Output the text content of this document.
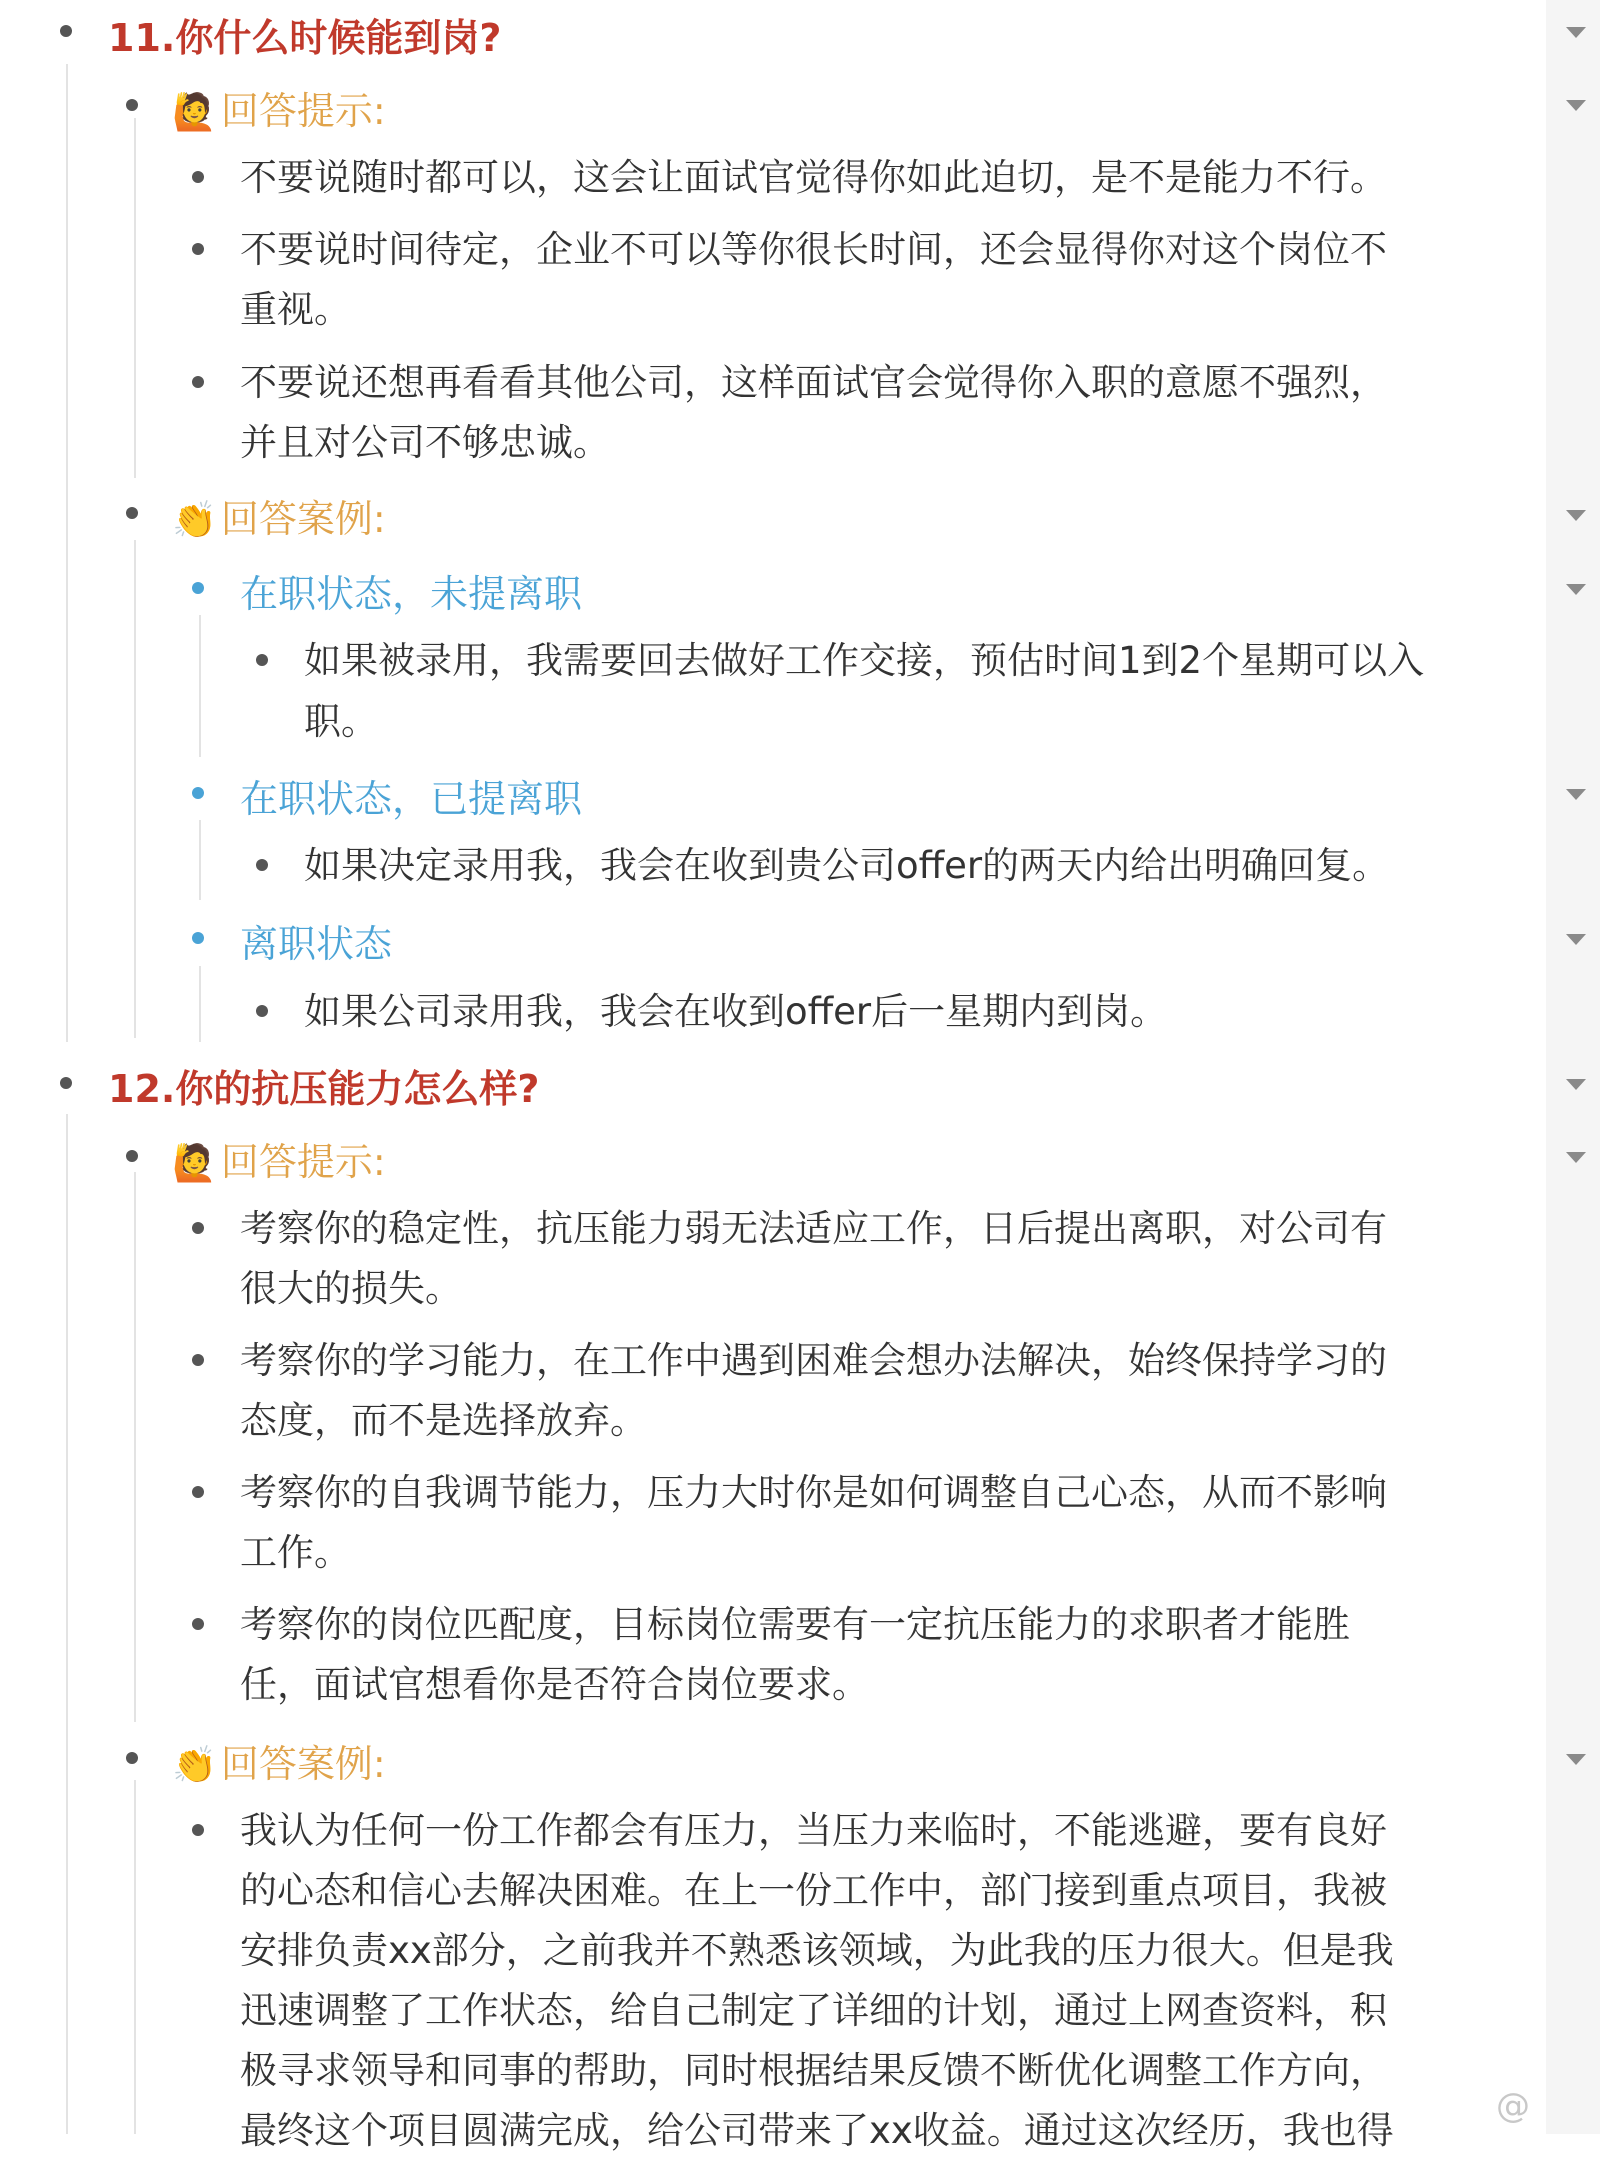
11.你什么时候能到岗?
🙋 回答提示:
不要说随时都可以，这会让面试官觉得你如此迫切，是不是能力不行。
不要说时间待定，企业不可以等你很长时间，还会显得你对这个岗位不
重视。
不要说还想再看看其他公司，这样面试官会觉得你入职的意愿不强烈，
并且对公司不够忠诚。
👏 回答案例:
在职状态，未提离职
如果被录用，我需要回去做好工作交接，预估时间1到2个星期可以入
职。
在职状态，已提离职
如果决定录用我，我会在收到贵公司offer的两天内给出明确回复。
离职状态
如果公司录用我，我会在收到offer后一星期内到岗。
12.你的抗压能力怎么样?
🙋 回答提示:
考察你的稳定性，抗压能力弱无法适应工作，日后提出离职，对公司有
很大的损失。
考察你的学习能力，在工作中遇到困难会想办法解决，始终保持学习的
态度，而不是选择放弃。
考察你的自我调节能力，压力大时你是如何调整自己心态，从而不影响
工作。
考察你的岗位匹配度，目标岗位需要有一定抗压能力的求职者才能胜
任，面试官想看你是否符合岗位要求。
👏 回答案例:
我认为任何一份工作都会有压力，当压力来临时，不能逃避，要有良好
的心态和信心去解决困难。在上一份工作中，部门接到重点项目，我被
安排负责xx部分，之前我并不熟悉该领域，为此我的压力很大。但是我
迅速调整了工作状态，给自己制定了详细的计划，通过上网查资料，积
极寻求领导和同事的帮助，同时根据结果反馈不断优化调整工作方向，
最终这个项目圆满完成，给公司带来了xx收益。通过这次经历，我也得
@
